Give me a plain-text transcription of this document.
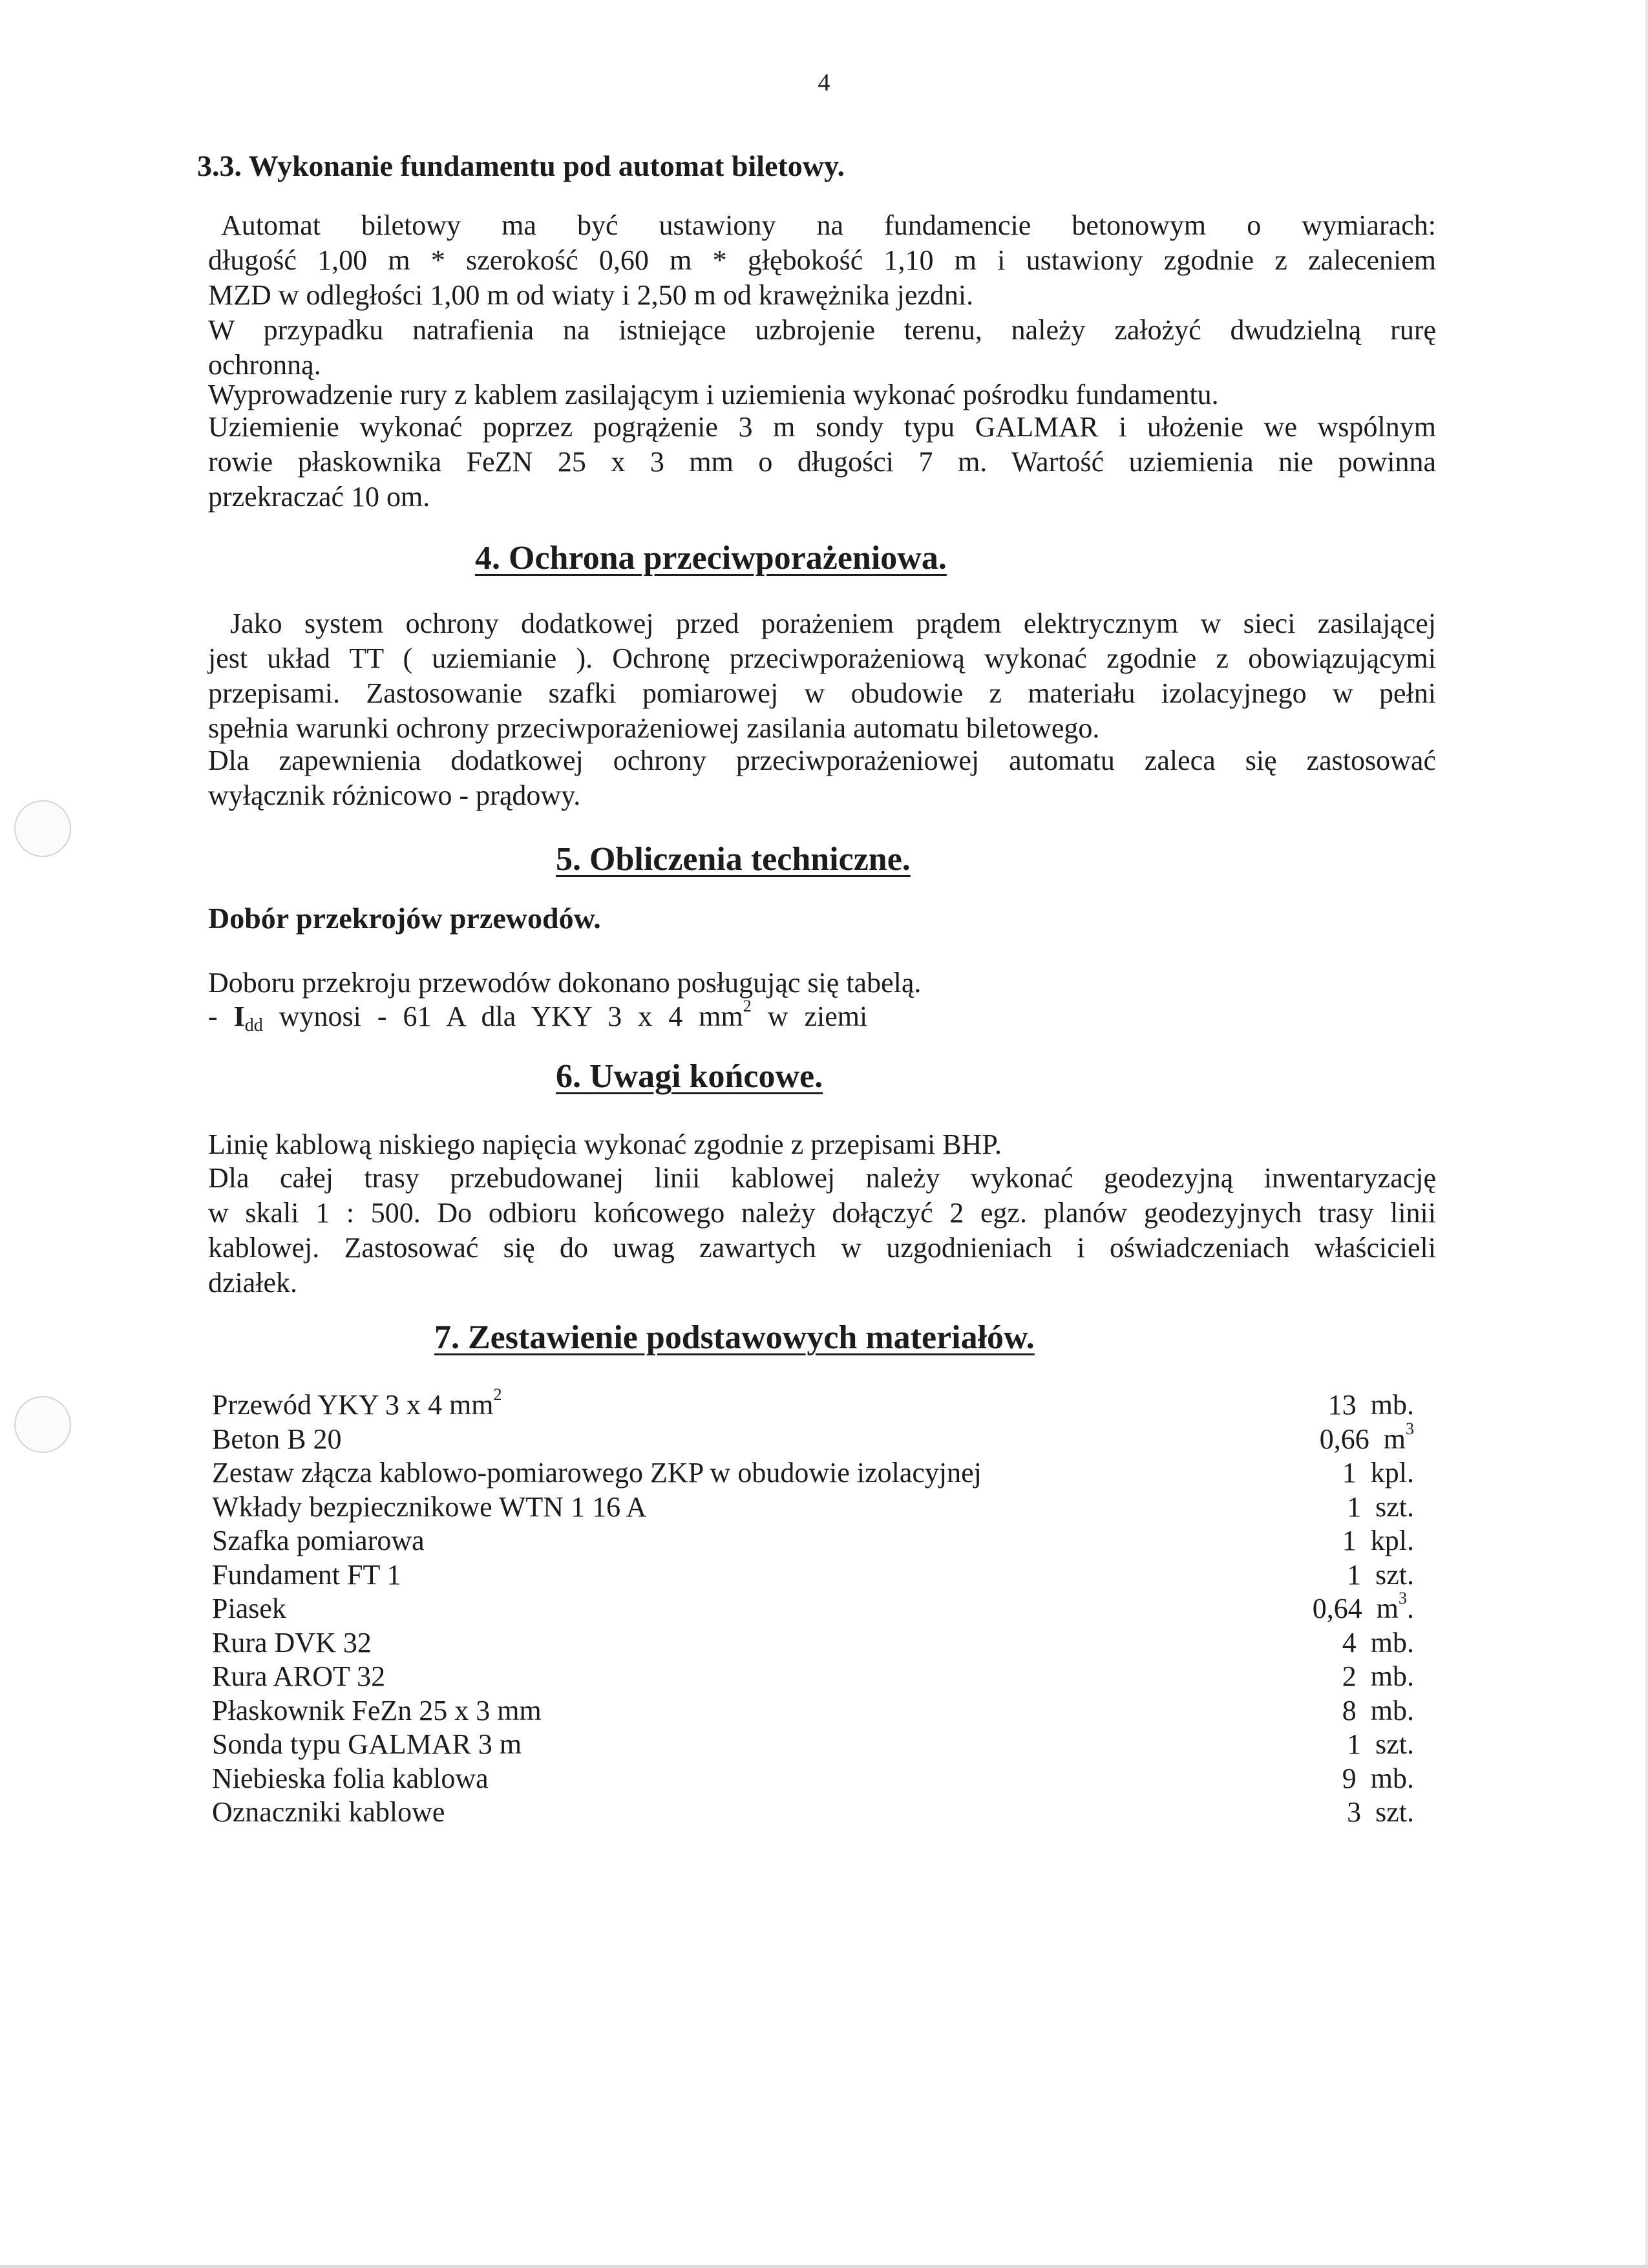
4
3.3. Wykonanie fundamentu pod automat biletowy.
Automat biletowy ma być ustawiony na fundamencie betonowym o wymiarach:
długość 1,00 m * szerokość 0,60 m * głębokość 1,10 m i ustawiony zgodnie z zaleceniem
MZD w odległości 1,00 m od wiaty i 2,50 m od krawężnika jezdni.
W przypadku natrafienia na istniejące uzbrojenie terenu, należy założyć dwudzielną rurę
ochronną.
Wyprowadzenie rury z kablem zasilającym i uziemienia wykonać pośrodku fundamentu.
Uziemienie wykonać poprzez pogrążenie 3 m sondy typu GALMAR i ułożenie we wspólnym
rowie płaskownika FeZN 25 x 3 mm o długości 7 m. Wartość uziemienia nie powinna
przekraczać 10 om.
4. Ochrona przeciwporażeniowa.
Jako system ochrony dodatkowej przed porażeniem prądem elektrycznym w sieci zasilającej
jest układ TT ( uziemianie ). Ochronę przeciwporażeniową wykonać zgodnie z obowiązującymi
przepisami. Zastosowanie szafki pomiarowej w obudowie z materiału izolacyjnego w pełni
spełnia warunki ochrony przeciwporażeniowej zasilania automatu biletowego.
Dla zapewnienia dodatkowej ochrony przeciwporażeniowej automatu zaleca się zastosować
wyłącznik różnicowo - prądowy.
5. Obliczenia techniczne.
Dobór przekrojów przewodów.
Doboru przekroju przewodów dokonano posługując się tabelą.
- $I_{dd}$ wynosi - 61 A dla YKY 3 x 4 $mm^2$ w ziemi
6. Uwagi końcowe.
Linię kablową niskiego napięcia wykonać zgodnie z przepisami BHP.
Dla całej trasy przebudowanej linii kablowej należy wykonać geodezyjną inwentaryzację
w skali 1 : 500. Do odbioru końcowego należy dołączyć 2 egz. planów geodezyjnych trasy linii
kablowej. Zastosować się do uwag zawartych w uzgodnieniach i oświadczeniach właścicieli
działek.
7. Zestawienie podstawowych materiałów.
Przewód YKY 3 x 4 $mm^2$	13 mb.
Beton B 20	0,66 $m^3$
Zestaw złącza kablowo-pomiarowego ZKP w obudowie izolacyjnej	1 kpl.
Wkłady bezpiecznikowe WTN 1 16 A	1 szt.
Szafka pomiarowa	1 kpl.
Fundament FT 1	1 szt.
Piasek	0,64 $m^3$.
Rura DVK 32	4 mb.
Rura AROT 32	2 mb.
Płaskownik FeZn 25 x 3 mm	8 mb.
Sonda typu GALMAR 3 m	1 szt.
Niebieska folia kablowa	9 mb.
Oznaczniki kablowe	3 szt.
